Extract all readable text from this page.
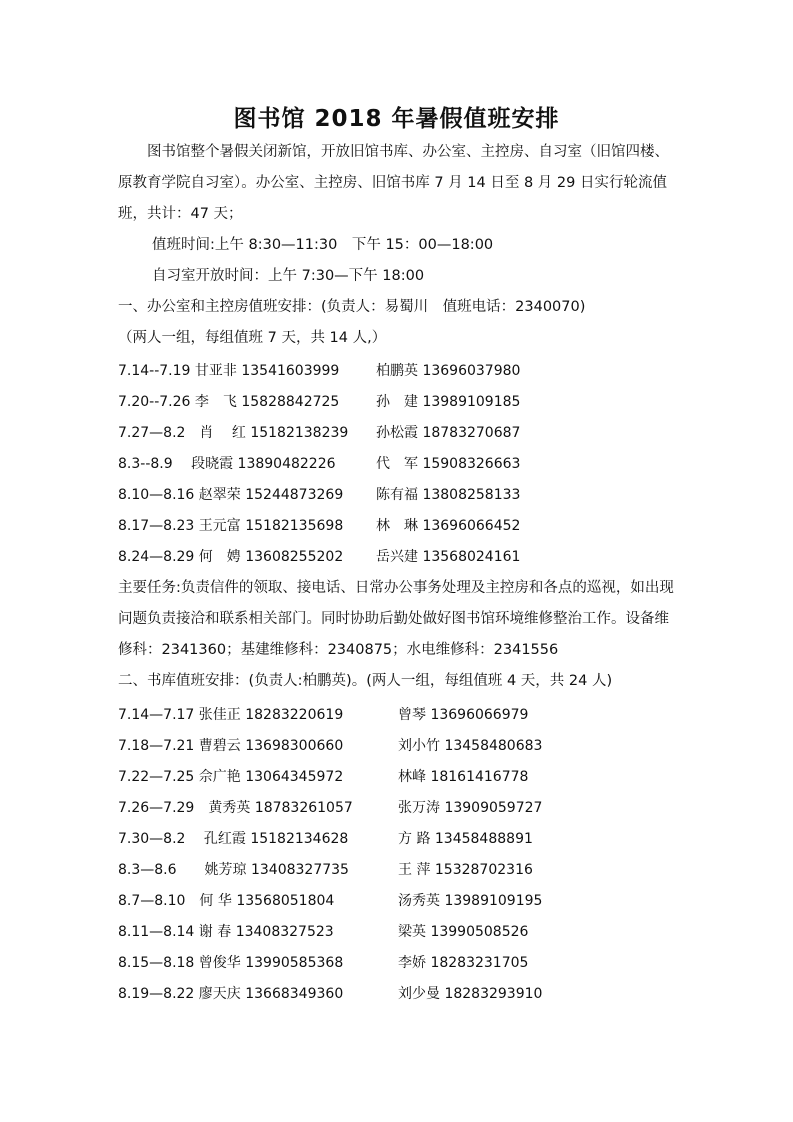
图书馆 2018 年暑假值班安排
图书馆整个暑假关闭新馆，开放旧馆书库、办公室、主控房、自习室（旧馆四楼、原教育学院自习室）。办公室、主控房、旧馆书库 7 月 14 日至 8 月 29 日实行轮流值班，共计：47 天；
值班时间:上午 8:30—11:30　下午 15：00—18:00
自习室开放时间：上午 7:30—下午 18:00
一、办公室和主控房值班安排：(负责人：易蜀川　值班电话：2340070)
（两人一组，每组值班 7 天，共 14 人,）
7.14--7.19 甘亚非 13541603999	柏鹏英 13696037980
7.20--7.26 李　飞 15828842725	孙　建 13989109185
7.27—8.2　肖　 红 15182138239 孙松霞 18783270687
8.3--8.9　 段晓霞 13890482226	代　军 15908326663
8.10—8.16 赵翠荣 15244873269 陈有福 13808258133
8.17—8.23 王元富 15182135698 林　琳 13696066452
8.24—8.29 何　娉 13608255202 岳兴建 13568024161
主要任务:负责信件的领取、接电话、日常办公事务处理及主控房和各点的巡视，如出现问题负责接洽和联系相关部门。同时协助后勤处做好图书馆环境维修整治工作。设备维修科：2341360；基建维修科：2340875；水电维修科：2341556
二、书库值班安排：(负责人:柏鹏英)。(两人一组，每组值班 4 天，共 24 人)
7.14—7.17 张佳正 18283220619	曾琴 13696066979
7.18—7.21 曹碧云 13698300660	刘小竹 13458480683
7.22—7.25 佘广艳 13064345972	林峰 18161416778
7.26—7.29　黄秀英 18783261057	张万涛 13909059727
7.30—8.2　 孔红霞 15182134628	方 路 13458488891
8.3—8.6　　姚芳琼 13408327735	王 萍 15328702316
8.7—8.10　何 华 13568051804	汤秀英 13989109195
8.11—8.14 谢 春 13408327523	梁英 13990508526
8.15—8.18 曾俊华 13990585368	李娇 18283231705
8.19—8.22 廖天庆 13668349360	刘少曼 18283293910
